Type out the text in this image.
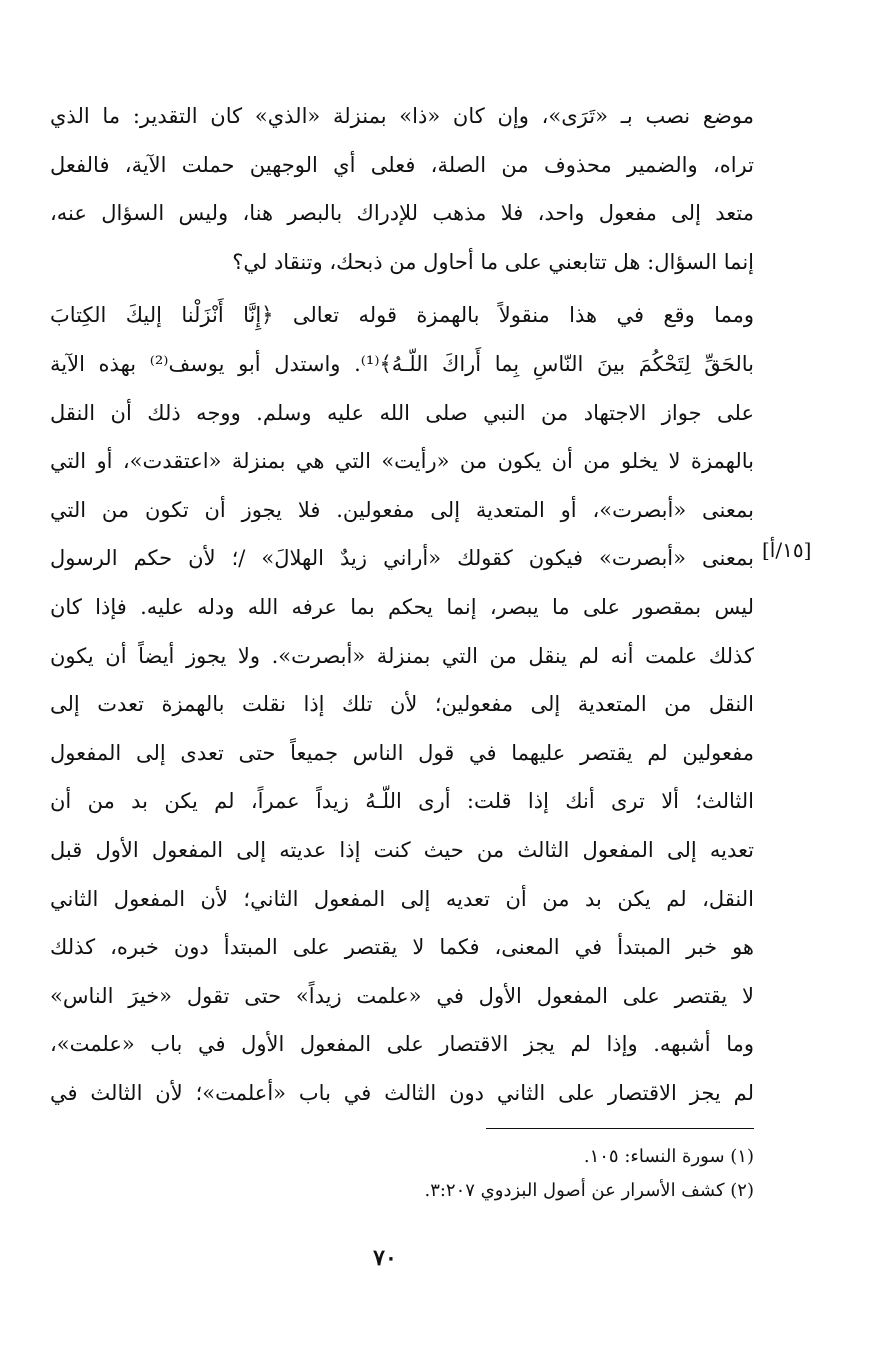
موضع نصب بـ «تَرَى»، وإن كان «ذا» بمنزلة «الذي» كان التقدير: ما الذي
تراه، والضمير محذوف من الصلة، فعلى أي الوجهين حملت الآية، فالفعل
متعد إلى مفعول واحد، فلا مذهب للإدراك بالبصر هنا، وليس السؤال عنه،
إنما السؤال: هل تتابعني على ما أحاول من ذبحك، وتنقاد لي؟
ومما وقع في هذا منقولاً بالهمزة قوله تعالى ﴿إِنَّا أَنْزَلْنا إليكَ الكِتابَ
بالحَقِّ لِتَحْكُمَ بينَ النّاسِ بِما أَراكَ اللّـهُ﴾⁽¹⁾. واستدل أبو يوسف⁽²⁾ بهذه الآية
على جواز الاجتهاد من النبي صلى الله عليه وسلم. ووجه ذلك أن النقل
بالهمزة لا يخلو من أن يكون من «رأيت» التي هي بمنزلة «اعتقدت»، أو التي
بمعنى «أبصرت»، أو المتعدية إلى مفعولين. فلا يجوز أن تكون من التي
بمعنى «أبصرت» فيكون كقولك «أراني زيدٌ الهلالَ» /؛ لأن حكم الرسول
ليس بمقصور على ما يبصر، إنما يحكم بما عرفه الله ودله عليه. فإذا كان
كذلك علمت أنه لم ينقل من التي بمنزلة «أبصرت». ولا يجوز أيضاً أن يكون
النقل من المتعدية إلى مفعولين؛ لأن تلك إذا نقلت بالهمزة تعدت إلى
مفعولين لم يقتصر عليهما في قول الناس جميعاً حتى تعدى إلى المفعول
الثالث؛ ألا ترى أنك إذا قلت: أرى اللّـهُ زيداً عمراً، لم يكن بد من أن
تعديه إلى المفعول الثالث من حيث كنت إذا عديته إلى المفعول الأول قبل
النقل، لم يكن بد من أن تعديه إلى المفعول الثاني؛ لأن المفعول الثاني
هو خبر المبتدأ في المعنى، فكما لا يقتصر على المبتدأ دون خبره، كذلك
لا يقتصر على المفعول الأول في «علمت زيداً» حتى تقول «خيرَ الناس»
وما أشبهه. وإذا لم يجز الاقتصار على المفعول الأول في باب «علمت»،
لم يجز الاقتصار على الثاني دون الثالث في باب «أعلمت»؛ لأن الثالث في
[١٥/أ]
(١) سورة النساء: ١٠٥.
(٢) كشف الأسرار عن أصول البزدوي ٣:٢٠٧.
٧٠
